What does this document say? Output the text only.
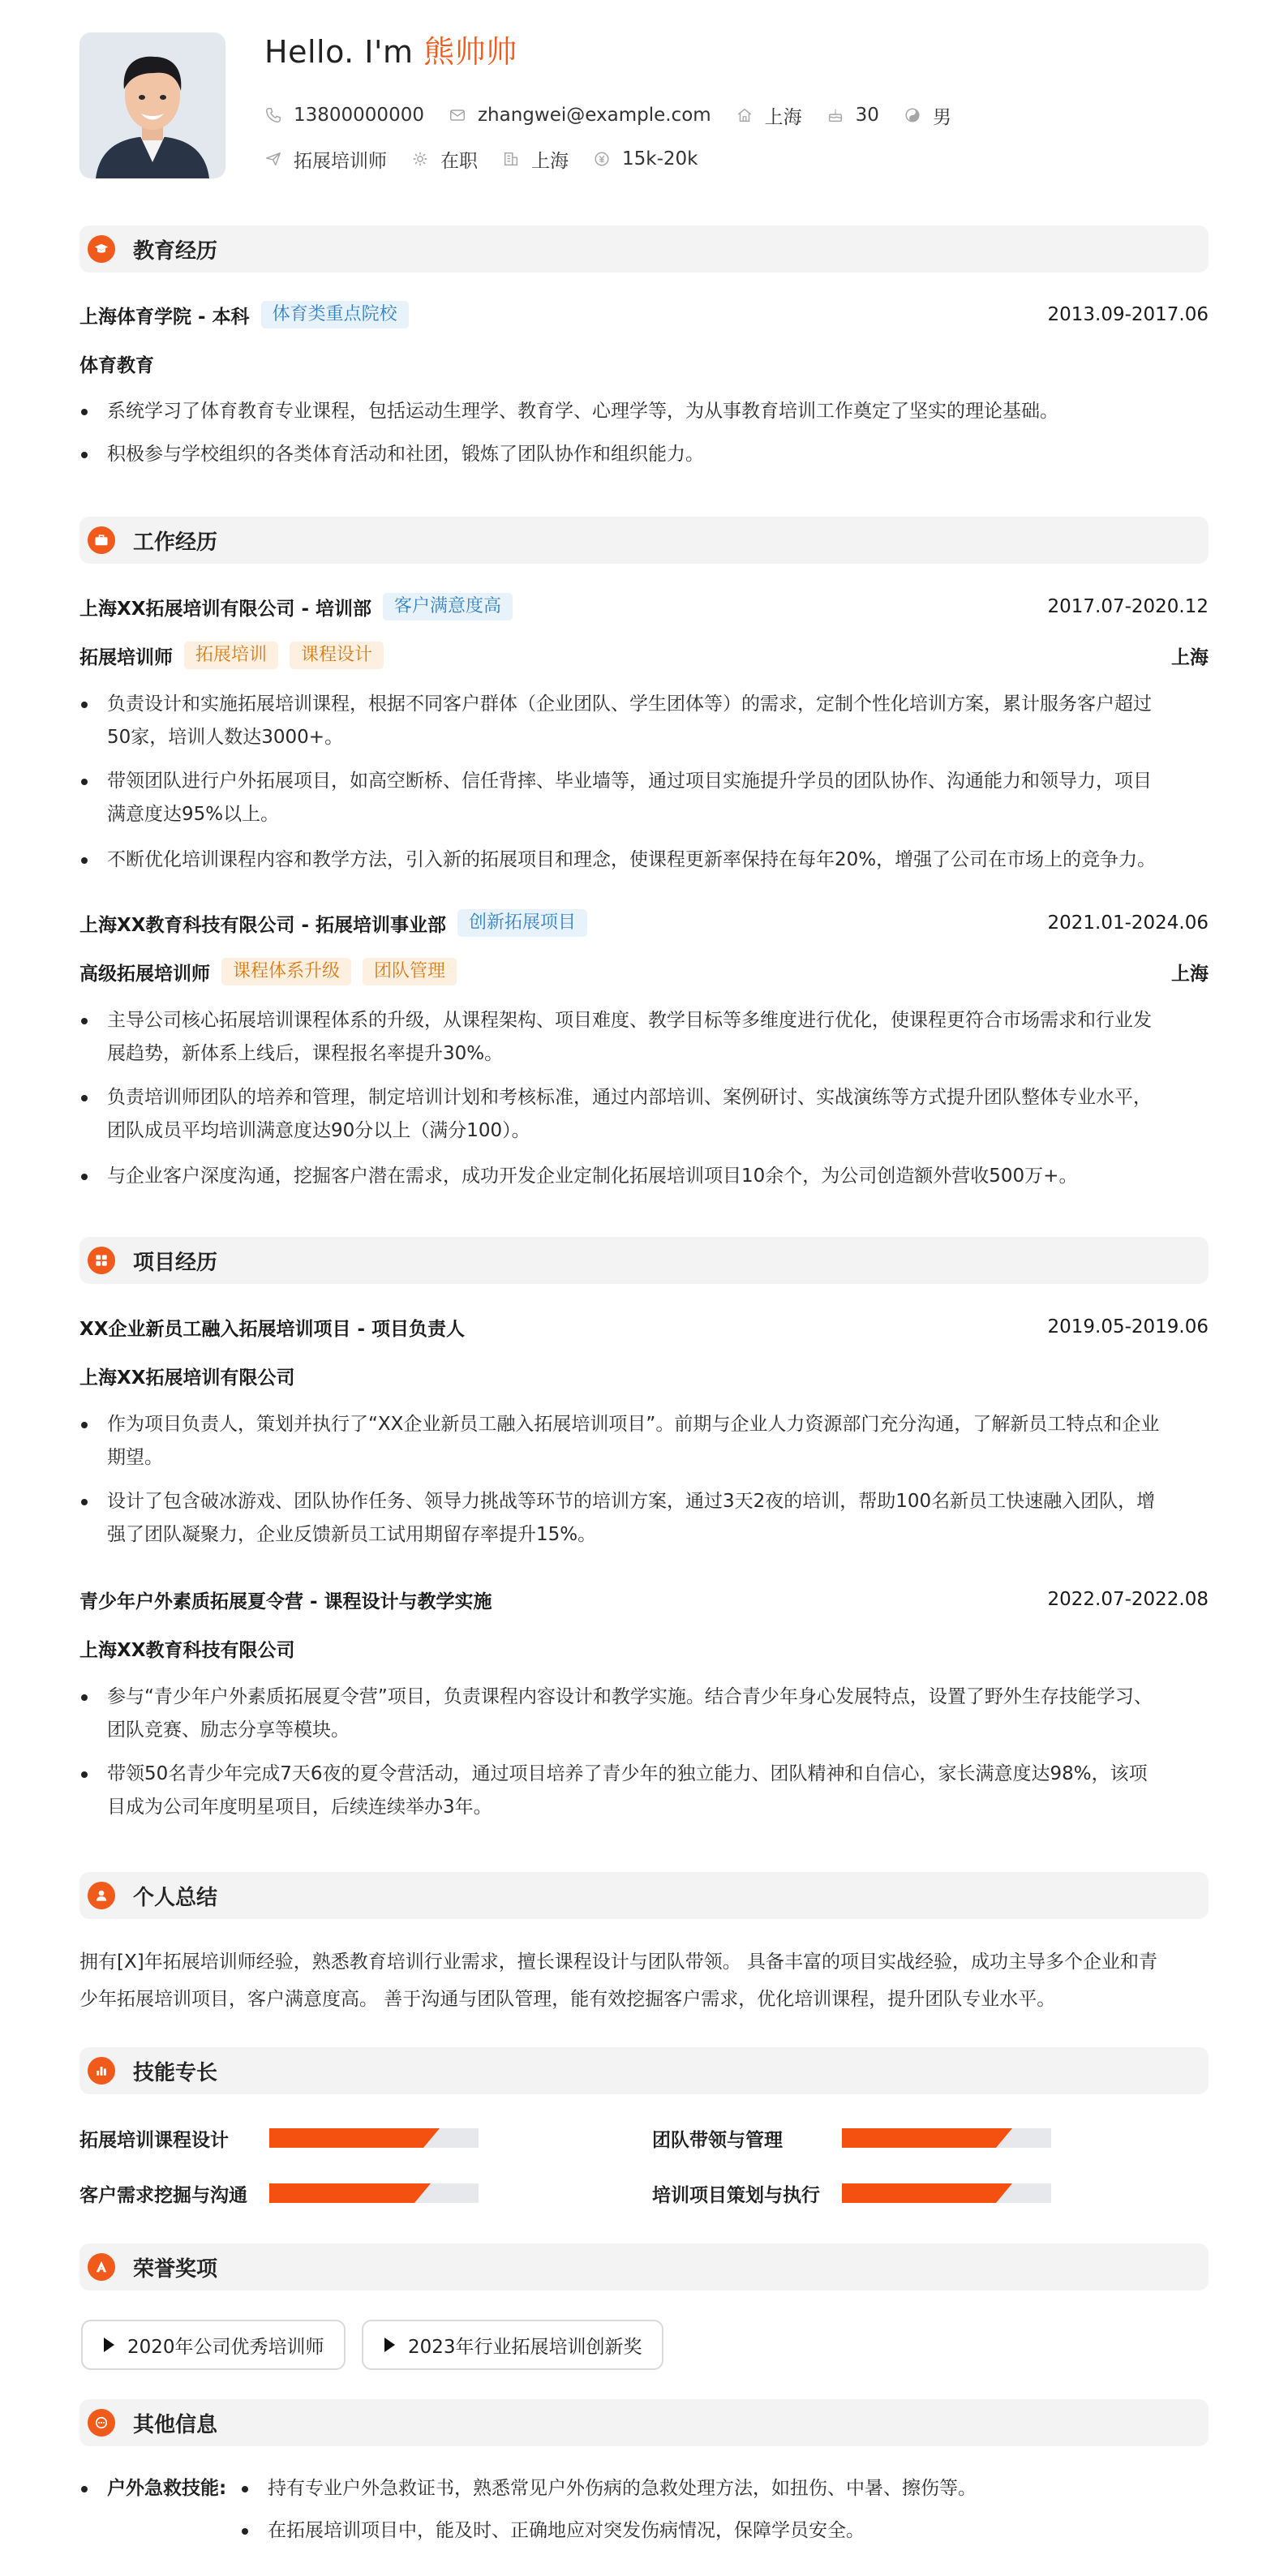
Hello. I'm 熊帅帅
13800000000	zhangwei@example.com	上海	30	男
拓展培训师	在职	上海	15k-20k
教育经历
上海体育学院 - 本科	体育类重点院校	2013.09-2017.06
体育教育
系统学习了体育教育专业课程，包括运动生理学、教育学、心理学等，为从事教育培训工作奠定了坚实的理论基础。
积极参与学校组织的各类体育活动和社团，锻炼了团队协作和组织能力。
工作经历
上海XX拓展培训有限公司 - 培训部	客户满意度高	2017.07-2020.12
拓展培训师	拓展培训	课程设计	上海
负责设计和实施拓展培训课程，根据不同客户群体（企业团队、学生团体等）的需求，定制个性化培训方案，累计服务客户超过
50家，培训人数达3000+。
带领团队进行户外拓展项目，如高空断桥、信任背摔、毕业墙等，通过项目实施提升学员的团队协作、沟通能力和领导力，项目
满意度达95%以上。
不断优化培训课程内容和教学方法，引入新的拓展项目和理念，使课程更新率保持在每年20%，增强了公司在市场上的竞争力。
上海XX教育科技有限公司 - 拓展培训事业部	创新拓展项目	2021.01-2024.06
高级拓展培训师	课程体系升级	团队管理	上海
主导公司核心拓展培训课程体系的升级，从课程架构、项目难度、教学目标等多维度进行优化，使课程更符合市场需求和行业发
展趋势，新体系上线后，课程报名率提升30%。
负责培训师团队的培养和管理，制定培训计划和考核标准，通过内部培训、案例研讨、实战演练等方式提升团队整体专业水平，
团队成员平均培训满意度达90分以上（满分100）。
与企业客户深度沟通，挖掘客户潜在需求，成功开发企业定制化拓展培训项目10余个，为公司创造额外营收500万+。
项目经历
XX企业新员工融入拓展培训项目 - 项目负责人	2019.05-2019.06
上海XX拓展培训有限公司
作为项目负责人，策划并执行了“XX企业新员工融入拓展培训项目”。前期与企业人力资源部门充分沟通，了解新员工特点和企业
期望。
设计了包含破冰游戏、团队协作任务、领导力挑战等环节的培训方案，通过3天2夜的培训，帮助100名新员工快速融入团队，增
强了团队凝聚力，企业反馈新员工试用期留存率提升15%。
青少年户外素质拓展夏令营 - 课程设计与教学实施	2022.07-2022.08
上海XX教育科技有限公司
参与“青少年户外素质拓展夏令营”项目，负责课程内容设计和教学实施。结合青少年身心发展特点，设置了野外生存技能学习、
团队竞赛、励志分享等模块。
带领50名青少年完成7天6夜的夏令营活动，通过项目培养了青少年的独立能力、团队精神和自信心，家长满意度达98%，该项
目成为公司年度明星项目，后续连续举办3年。
个人总结
拥有[X]年拓展培训师经验，熟悉教育培训行业需求，擅长课程设计与团队带领。 具备丰富的项目实战经验，成功主导多个企业和青
少年拓展培训项目，客户满意度高。 善于沟通与团队管理，能有效挖掘客户需求，优化培训课程，提升团队专业水平。
技能专长
拓展培训课程设计	团队带领与管理
客户需求挖掘与沟通	培训项目策划与执行
荣誉奖项
2020年公司优秀培训师	2023年行业拓展培训创新奖
其他信息
户外急救技能:	持有专业户外急救证书，熟悉常见户外伤病的急救处理方法，如扭伤、中暑、擦伤等。
在拓展培训项目中，能及时、正确地应对突发伤病情况，保障学员安全。
